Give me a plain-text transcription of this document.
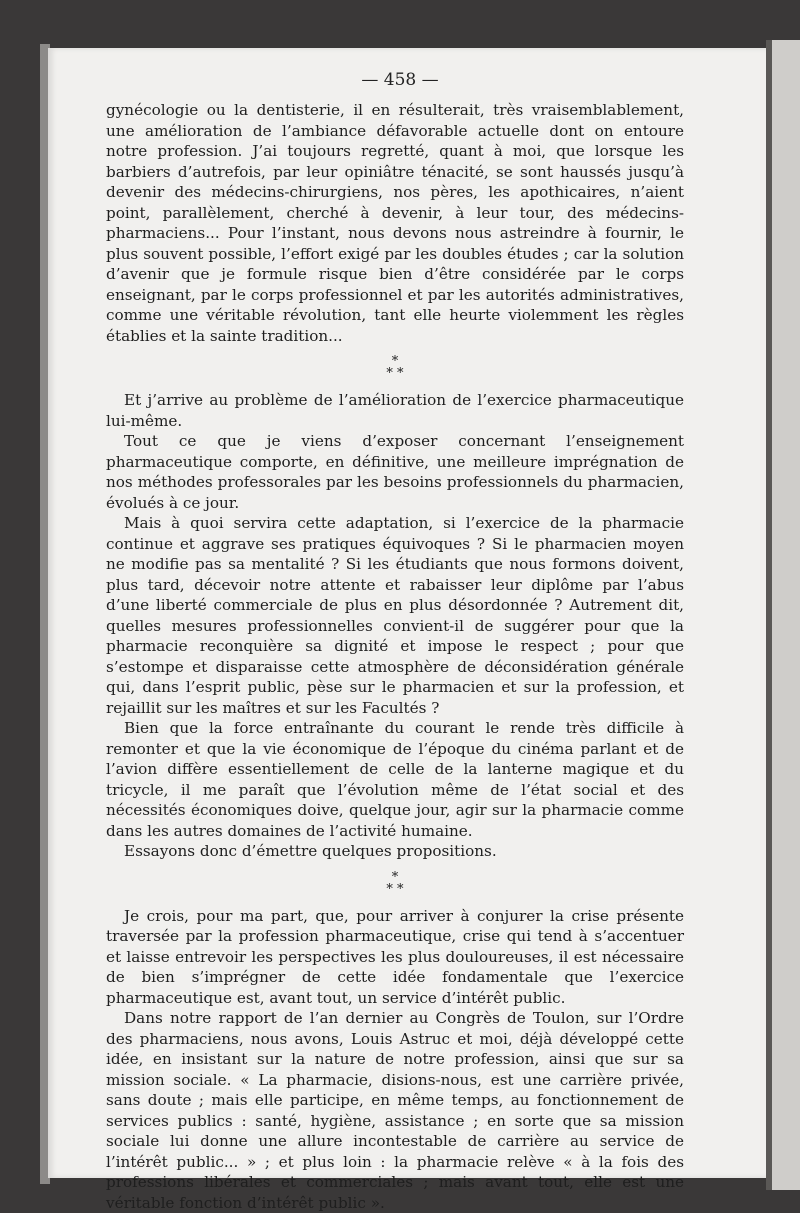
— 458 —

gynécologie ou la dentisterie, il en résulterait, très vraisemblablement, une amélioration de l’ambiance défavorable actuelle dont on entoure notre profession. J’ai toujours regretté, quant à moi, que lorsque les barbiers d’autrefois, par leur opiniâtre ténacité, se sont haussés jusqu’à devenir des médecins-chirurgiens, nos pères, les apothicaires, n’aient point, parallèlement, cherché à devenir, à leur tour, des médecins-pharmaciens... Pour l’instant, nous devons nous astreindre à fournir, le plus souvent possible, l’effort exigé par les doubles études ; car la solution d’avenir que je formule risque bien d’être considérée par le corps enseignant, par le corps professionnel et par les autorités administratives, comme une véritable révolution, tant elle heurte violemment les règles établies et la sainte tradition...

*
* *

Et j’arrive au problème de l’amélioration de l’exercice pharmaceutique lui-même.

Tout ce que je viens d’exposer concernant l’enseignement pharmaceutique comporte, en définitive, une meilleure imprégnation de nos méthodes professorales par les besoins professionnels du pharmacien, évolués à ce jour.

Mais à quoi servira cette adaptation, si l’exercice de la pharmacie continue et aggrave ses pratiques équivoques ? Si le pharmacien moyen ne modifie pas sa mentalité ? Si les étudiants que nous formons doivent, plus tard, décevoir notre attente et rabaisser leur diplôme par l’abus d’une liberté commerciale de plus en plus désordonnée ? Autrement dit, quelles mesures professionnelles convient-il de suggérer pour que la pharmacie reconquière sa dignité et impose le respect ; pour que s’estompe et disparaisse cette atmosphère de déconsidération générale qui, dans l’esprit public, pèse sur le pharmacien et sur la profession, et rejaillit sur les maîtres et sur les Facultés ?

Bien que la force entraînante du courant le rende très difficile à remonter et que la vie économique de l’époque du cinéma parlant et de l’avion diffère essentiellement de celle de la lanterne magique et du tricycle, il me paraît que l’évolution même de l’état social et des nécessités économiques doive, quelque jour, agir sur la pharmacie comme dans les autres domaines de l’activité humaine.

Essayons donc d’émettre quelques propositions.

*
* *

Je crois, pour ma part, que, pour arriver à conjurer la crise présente traversée par la profession pharmaceutique, crise qui tend à s’accentuer et laisse entrevoir les perspectives les plus douloureuses, il est nécessaire de bien s’imprégner de cette idée fondamentale que l’exercice pharmaceutique est, avant tout, un service d’intérêt public.

Dans notre rapport de l’an dernier au Congrès de Toulon, sur l’Ordre des pharmaciens, nous avons, Louis Astruc et moi, déjà développé cette idée, en insistant sur la nature de notre profession, ainsi que sur sa mission sociale. « La pharmacie, disions-nous, est une carrière privée, sans doute ; mais elle participe, en même temps, au fonctionnement de services publics : santé, hygiène, assistance ; en sorte que sa mission sociale lui donne une allure incontestable de carrière au service de l’intérêt public... » ; et plus loin : la pharmacie relève « à la fois des professions libérales et commerciales ; mais avant tout, elle est une véritable fonction d’intérêt public ».
